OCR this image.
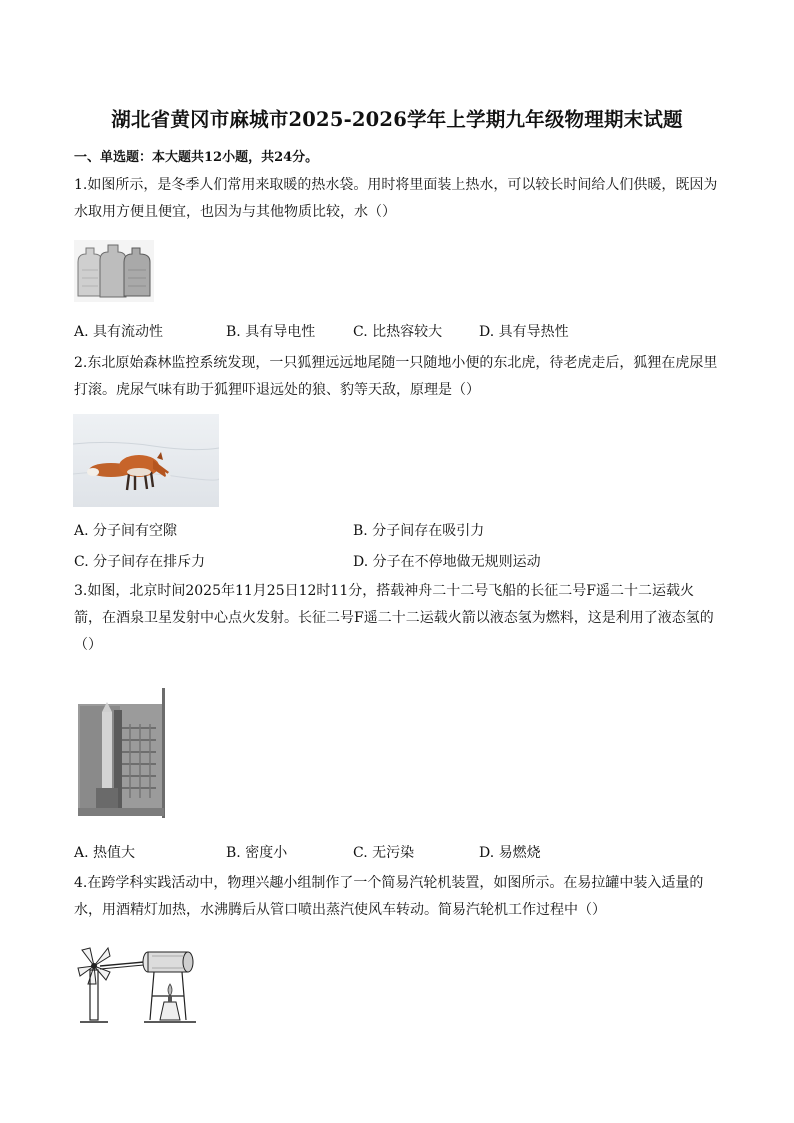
湖北省黄冈市麻城市2025-2026学年上学期九年级物理期末试题
一、单选题：本大题共12小题，共24分。
1.如图所示，是冬季人们常用来取暖的热水袋。用时将里面装上热水，可以较长时间给人们供暖，既因为
水取用方便且便宜，也因为与其他物质比较，水（）
A. 具有流动性	B. 具有导电性	C. 比热容较大	D. 具有导热性
2.东北原始森林监控系统发现，一只狐狸远远地尾随一只随地小便的东北虎，待老虎走后，狐狸在虎尿里
打滚。虎尿气味有助于狐狸吓退远处的狼、豹等天敌，原理是（）
A. 分子间有空隙	B. 分子间存在吸引力
C. 分子间存在排斥力	D. 分子在不停地做无规则运动
3.如图，北京时间2025年11月25日12时11分，搭载神舟二十二号飞船的长征二号F遥二十二运载火
箭，在酒泉卫星发射中心点火发射。长征二号F遥二十二运载火箭以液态氢为燃料，这是利用了液态氢的
（）
A. 热值大	B. 密度小	C. 无污染	D. 易燃烧
4.在跨学科实践活动中，物理兴趣小组制作了一个简易汽轮机装置，如图所示。在易拉罐中装入适量的
水，用酒精灯加热，水沸腾后从管口喷出蒸汽使风车转动。简易汽轮机工作过程中（）
